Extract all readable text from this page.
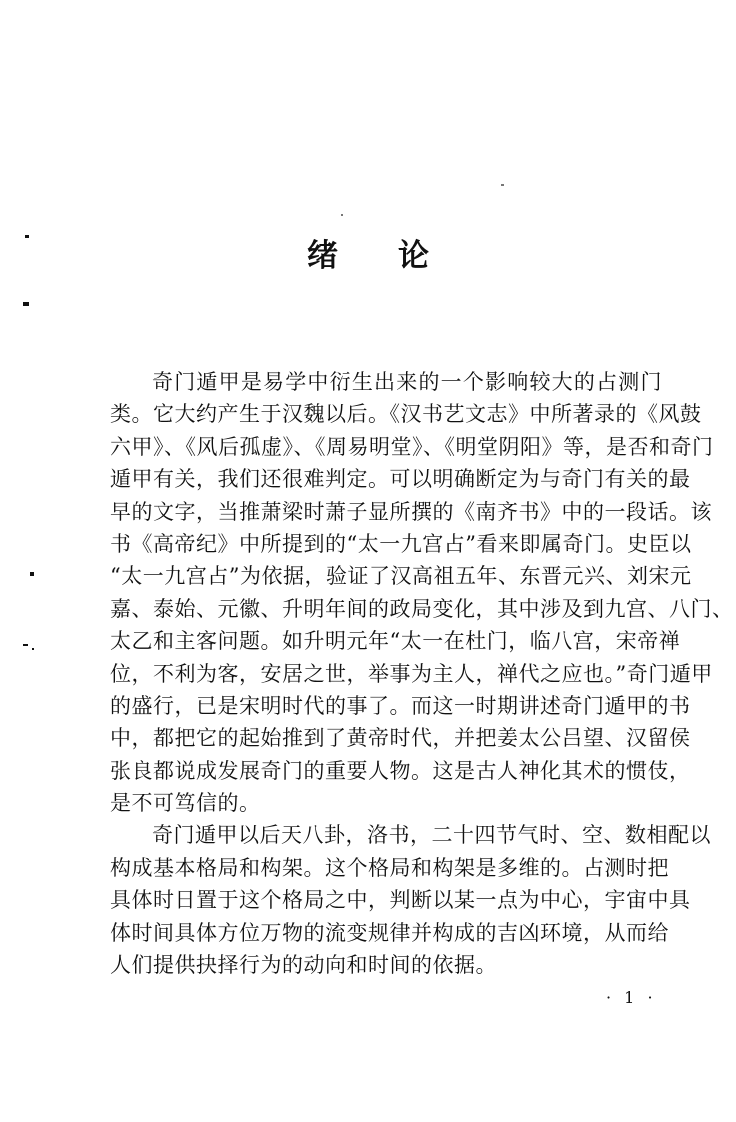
绪 论
奇门遁甲是易学中衍生出来的一个影响较大的占测门
类。它大约产生于汉魏以后。《汉书艺文志》中所著录的《风鼓
六甲》、《风后孤虚》、《周易明堂》、《明堂阴阳》等，是否和奇门
遁甲有关，我们还很难判定。可以明确断定为与奇门有关的最
早的文字，当推萧梁时萧子显所撰的《南齐书》中的一段话。该
书《高帝纪》中所提到的“太一九宫占”看来即属奇门。史臣以
“太一九宫占”为依据，验证了汉高祖五年、东晋元兴、刘宋元
嘉、泰始、元徽、升明年间的政局变化，其中涉及到九宫、八门、
太乙和主客问题。如升明元年“太一在杜门，临八宫，宋帝禅
位，不利为客，安居之世，举事为主人，禅代之应也。”奇门遁甲
的盛行，已是宋明时代的事了。而这一时期讲述奇门遁甲的书
中，都把它的起始推到了黄帝时代，并把姜太公吕望、汉留侯
张良都说成发展奇门的重要人物。这是古人神化其术的惯伎，
是不可笃信的。
奇门遁甲以后天八卦，洛书，二十四节气时、空、数相配以
构成基本格局和构架。这个格局和构架是多维的。占测时把
具体时日置于这个格局之中，判断以某一点为中心，宇宙中具
体时间具体方位万物的流变规律并构成的吉凶环境，从而给
人们提供抉择行为的动向和时间的依据。
· 1 ·
